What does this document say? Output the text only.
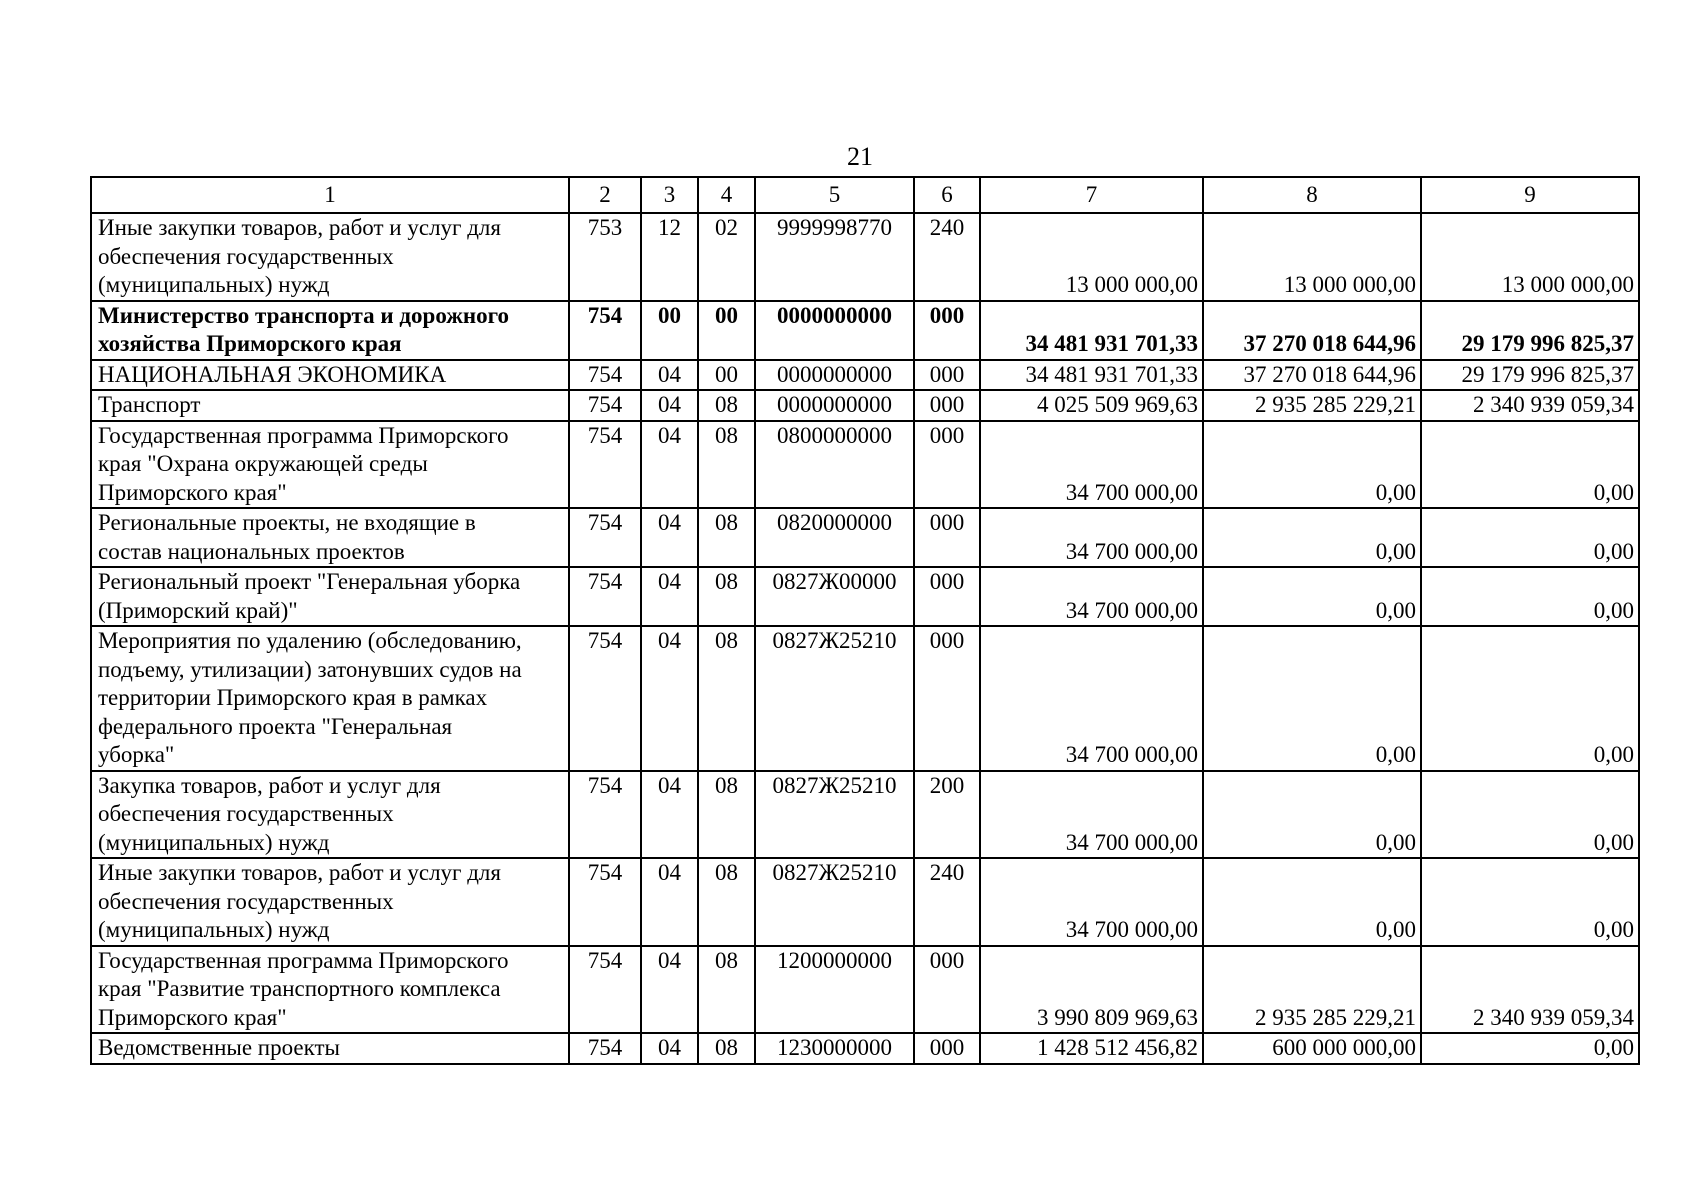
21
1	2	3	4	5	6	7	8	9

Иные закупки товаров, работ и услуг для
обеспечения государственных
(муниципальных) нужд	753	12	02	9999998770	240	13 000 000,00	13 000 000,00	13 000 000,00

Министерство транспорта и дорожного
хозяйства Приморского края	754	00	00	0000000000	000	34 481 931 701,33	37 270 018 644,96	29 179 996 825,37

НАЦИОНАЛЬНАЯ ЭКОНОМИКА	754	04	00	0000000000	000	34 481 931 701,33	37 270 018 644,96	29 179 996 825,37

Транспорт	754	04	08	0000000000	000	4 025 509 969,63	2 935 285 229,21	2 340 939 059,34

Государственная программа Приморского
края "Охрана окружающей среды
Приморского края"	754	04	08	0800000000	000	34 700 000,00	0,00	0,00

Региональные проекты, не входящие в
состав национальных проектов	754	04	08	0820000000	000	34 700 000,00	0,00	0,00

Региональный проект "Генеральная уборка
(Приморский край)"	754	04	08	0827Ж00000	000	34 700 000,00	0,00	0,00

Мероприятия по удалению (обследованию,
подъему, утилизации) затонувших судов на
территории Приморского края в рамках
федерального проекта "Генеральная
уборка"	754	04	08	0827Ж25210	000	34 700 000,00	0,00	0,00

Закупка товаров, работ и услуг для
обеспечения государственных
(муниципальных) нужд	754	04	08	0827Ж25210	200	34 700 000,00	0,00	0,00

Иные закупки товаров, работ и услуг для
обеспечения государственных
(муниципальных) нужд	754	04	08	0827Ж25210	240	34 700 000,00	0,00	0,00

Государственная программа Приморского
края "Развитие транспортного комплекса
Приморского края"	754	04	08	1200000000	000	3 990 809 969,63	2 935 285 229,21	2 340 939 059,34

Ведомственные проекты	754	04	08	1230000000	000	1 428 512 456,82	600 000 000,00	0,00
